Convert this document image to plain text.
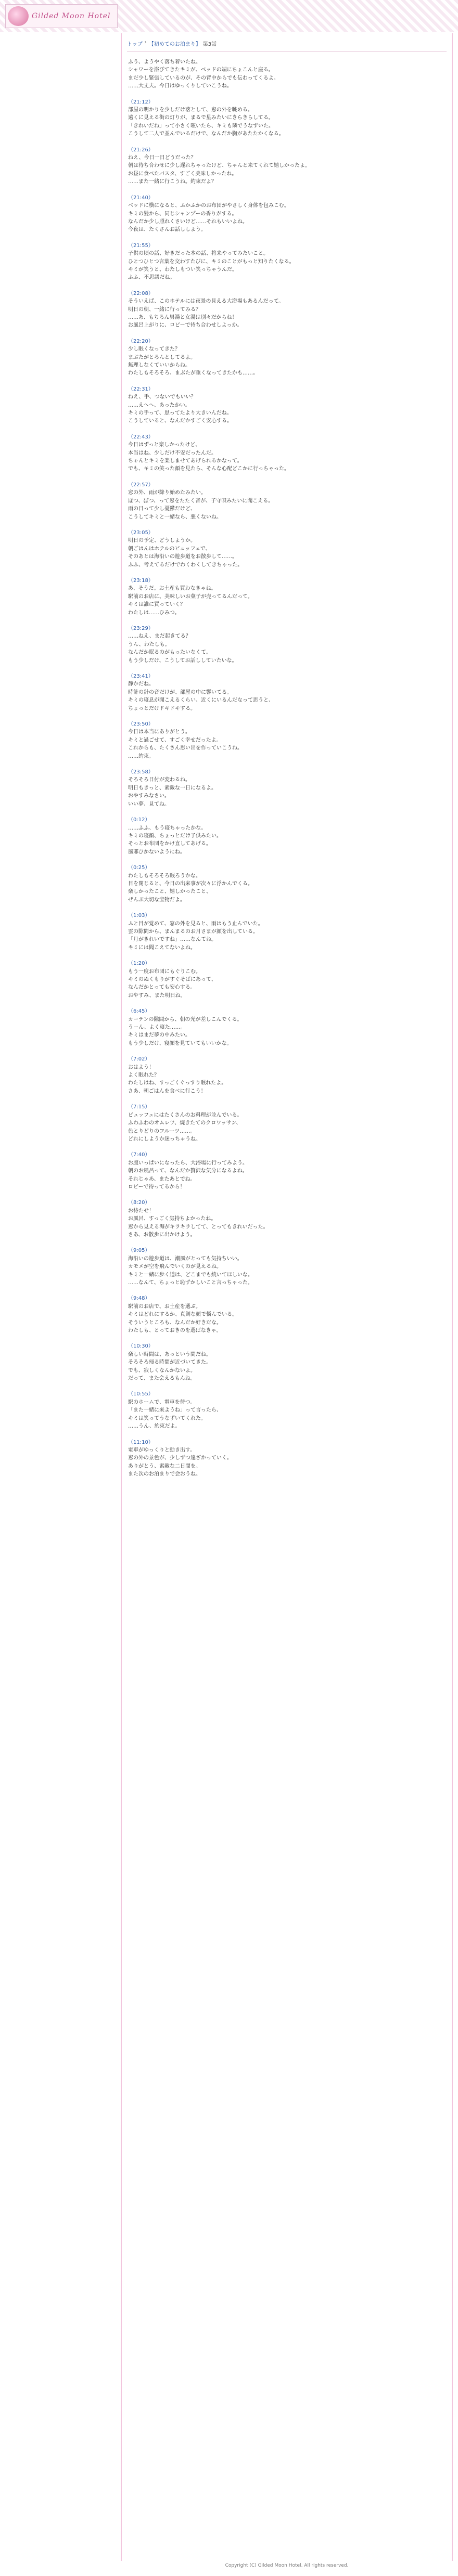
Gilded Moon Hotel
トップ › 【初めてのお泊まり】 第3話
ふう、ようやく落ち着いたね。
シャワーを浴びてきたキミが、ベッドの端にちょこんと座る。
まだ少し緊張しているのが、その背中からでも伝わってくるよ。
……大丈夫。今日はゆっくりしていこうね。
（21:12）
部屋の明かりを少しだけ落として、窓の外を眺める。
遠くに見える街の灯りが、まるで星みたいにきらきらしてる。
「きれいだね」って小さく呟いたら、キミも隣でうなずいた。
こうして二人で並んでいるだけで、なんだか胸があたたかくなる。
（21:26）
ねえ、今日一日どうだった？
朝は待ち合わせに少し遅れちゃったけど、ちゃんと来てくれて嬉しかったよ。
お昼に食べたパスタ、すごく美味しかったね。
……また一緒に行こうね。約束だよ？
（21:40）
ベッドに横になると、ふかふかのお布団がやさしく身体を包みこむ。
キミの髪から、同じシャンプーの香りがする。
なんだか少し照れくさいけど……それもいいよね。
今夜は、たくさんお話ししよう。
（21:55）
子供の頃の話、好きだった本の話、将来やってみたいこと。
ひとつひとつ言葉を交わすたびに、キミのことがもっと知りたくなる。
キミが笑うと、わたしもつい笑っちゃうんだ。
ふふ、不思議だね。
（22:08）
そういえば、このホテルには夜景の見える大浴場もあるんだって。
明日の朝、一緒に行ってみる？
……あ、もちろん男湯と女湯は別々だからね！
お風呂上がりに、ロビーで待ち合わせしよっか。
（22:20）
少し眠くなってきた？
まぶたがとろんとしてるよ。
無理しなくていいからね。
わたしもそろそろ、まぶたが重くなってきたかも……。
（22:31）
ねえ、手、つないでもいい？
……えへへ、あったかい。
キミの手って、思ってたより大きいんだね。
こうしていると、なんだかすごく安心する。
（22:43）
今日はずっと楽しかったけど、
本当はね、少しだけ不安だったんだ。
ちゃんとキミを楽しませてあげられるかなって。
でも、キミの笑った顔を見たら、そんな心配どこかに行っちゃった。
（22:57）
窓の外、雨が降り始めたみたい。
ぽつ、ぽつ、って窓をたたく音が、子守唄みたいに聞こえる。
雨の日って少し憂鬱だけど、
こうしてキミと一緒なら、悪くないね。
（23:05）
明日の予定、どうしようか。
朝ごはんはホテルのビュッフェで、
そのあとは海沿いの遊歩道をお散歩して……。
ふふ、考えてるだけでわくわくしてきちゃった。
（23:18）
あ、そうだ。お土産も買わなきゃね。
駅前のお店に、美味しいお菓子が売ってるんだって。
キミは誰に買っていく？
わたしは……ひみつ。
（23:29）
……ねえ、まだ起きてる？
うん、わたしも。
なんだか眠るのがもったいなくて。
もう少しだけ、こうしてお話ししていたいな。
（23:41）
静かだね。
時計の針の音だけが、部屋の中に響いてる。
キミの寝息が聞こえるくらい、近くにいるんだなって思うと、
ちょっとだけドキドキする。
（23:50）
今日は本当にありがとう。
キミと過ごせて、すごく幸せだったよ。
これからも、たくさん思い出を作っていこうね。
……約束。
（23:58）
そろそろ日付が変わるね。
明日もきっと、素敵な一日になるよ。
おやすみなさい。
いい夢、見てね。
（0:12）
……ふふ、もう寝ちゃったかな。
キミの寝顔、ちょっとだけ子供みたい。
そっとお布団をかけ直してあげる。
風邪ひかないようにね。
（0:25）
わたしもそろそろ眠ろうかな。
目を閉じると、今日の出来事が次々に浮かんでくる。
楽しかったこと、嬉しかったこと、
ぜんぶ大切な宝物だよ。
（1:03）
ふと目が覚めて、窓の外を見ると、雨はもう止んでいた。
雲の隙間から、まんまるのお月さまが顔を出している。
「月がきれいですね」……なんてね。
キミには聞こえてないよね。
（1:20）
もう一度お布団にもぐりこむ。
キミのぬくもりがすぐそばにあって、
なんだかとっても安心する。
おやすみ、また明日ね。
（6:45）
カーテンの隙間から、朝の光が差しこんでくる。
うーん、よく寝た……。
キミはまだ夢の中みたい。
もう少しだけ、寝顔を見ていてもいいかな。
（7:02）
おはよう！
よく眠れた？
わたしはね、すっごくぐっすり眠れたよ。
さあ、朝ごはんを食べに行こう！
（7:15）
ビュッフェにはたくさんのお料理が並んでいる。
ふわふわのオムレツ、焼きたてのクロワッサン、
色とりどりのフルーツ……。
どれにしようか迷っちゃうね。
（7:40）
お腹いっぱいになったら、大浴場に行ってみよう。
朝のお風呂って、なんだか贅沢な気分になるよね。
それじゃあ、またあとでね。
ロビーで待ってるから！
（8:20）
お待たせ！
お風呂、すっごく気持ちよかったね。
窓から見える海がキラキラしてて、とってもきれいだった。
さあ、お散歩に出かけよう。
（9:05）
海沿いの遊歩道は、潮風がとっても気持ちいい。
カモメが空を飛んでいくのが見えるね。
キミと一緒に歩く道は、どこまでも続いてほしいな。
……なんて、ちょっと恥ずかしいこと言っちゃった。
（9:48）
駅前のお店で、お土産を選ぶ。
キミはどれにするか、真剣な顔で悩んでいる。
そういうところも、なんだか好きだな。
わたしも、とっておきのを選ばなきゃ。
（10:30）
楽しい時間は、あっという間だね。
そろそろ帰る時間が近づいてきた。
でも、寂しくなんかないよ。
だって、また会えるもんね。
（10:55）
駅のホームで、電車を待つ。
「また一緒に来ようね」って言ったら、
キミは笑ってうなずいてくれた。
……うん、約束だよ。
（11:10）
電車がゆっくりと動き出す。
窓の外の景色が、少しずつ遠ざかっていく。
ありがとう、素敵な二日間を。
また次のお泊まりで会おうね。
Copyright (C) Gilded Moon Hotel. All rights reserved.
